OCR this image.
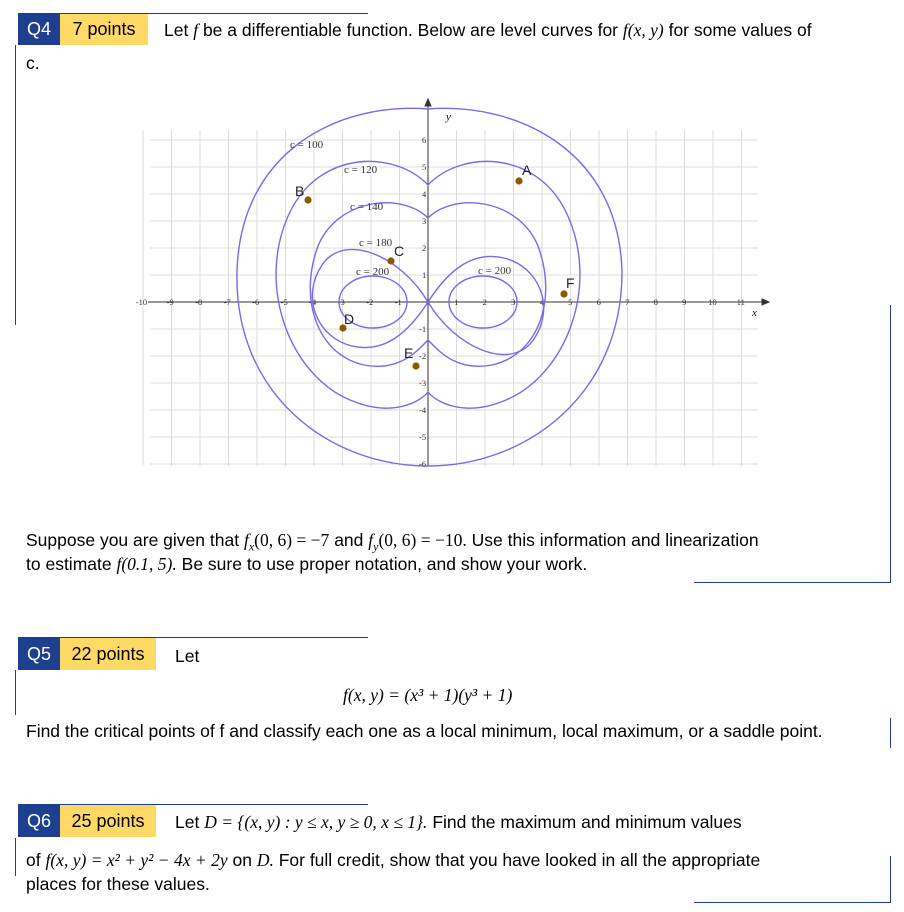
Q4	7 points	Let f be a differentiable function. Below are level curves for f(x, y) for some values of
c.
-10 -9	-8	-7	-6	-5	-4	-3	-2	-1	1	2	3	4	5	6	7	8	9	10 11
6
5
4
3
2
1
-1
-2
-3
-4
-5
-6
x
y
c = 100
c = 120
c = 140
c = 180
c = 200	c = 200
A
B
C
D
E
F
Suppose you are given that $f_x(0$, 6) = −7 and $f_y(0$, 6) = −10. Use this information and linearization
to estimate f(0.1, 5). Be sure to use proper notation, and show your work.
Q5	22 points	Let
f(x, y) = (x³ + 1)(y³ + 1)
Find the critical points of f and classify each one as a local minimum, local maximum, or a saddle point.
Q6	25 points	Let D = {(x, y) : y ≤ x, y ≥ 0, x ≤ 1}. Find the maximum and minimum values
of f(x, y) = x² + y² − 4x + 2y on D. For full credit, show that you have looked in all the appropriate
places for these values.
